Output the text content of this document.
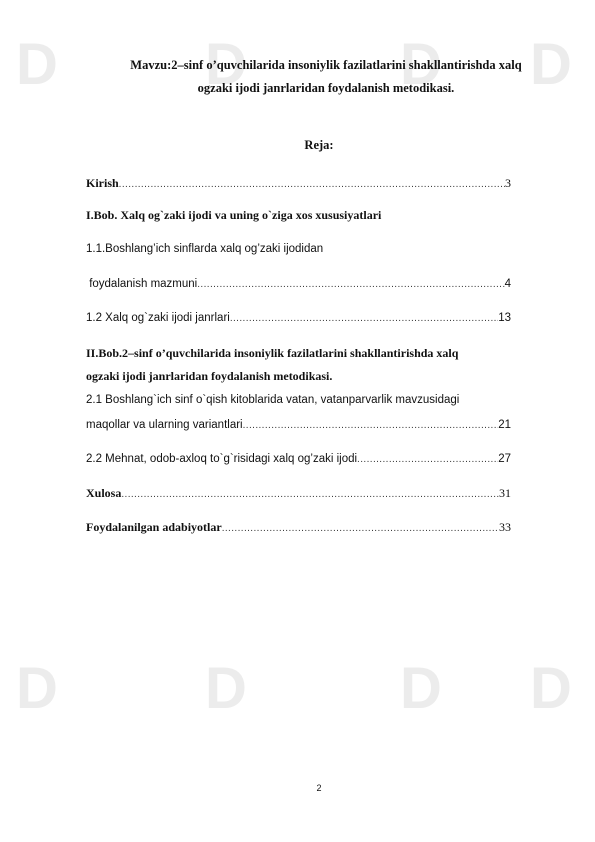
D	D	D D
D	D	D D
Mavzu:2–sinf o’quvchilarida insoniylik fazilatlarini shakllantirishda xalq
ogzaki ijodi janrlaridan foydalanish metodikasi.
Reja:
Kirish .....	3
I.Bob. Xalq og`zaki ijodi va uning o`ziga xos xususiyatlari
1.1.Boshlang’ich sinflarda xalq og’zaki ijodidan
foydalanish mazmuni .....	4
1.2 Xalq og`zaki ijodi janrlari .....	13
II.Bob.2–sinf o’quvchilarida insoniylik fazilatlarini shakllantirishda xalq
ogzaki ijodi janrlaridan foydalanish metodikasi.
2.1 Boshlang`ich sinf o`qish kitoblarida vatan, vatanparvarlik mavzusidagi
maqollar va ularning variantlari .....	21
2.2 Mehnat, odob-axloq to`g`risidagi xalq og’zaki ijodi .....	27
Xulosa .....	31
Foydalanilgan adabiyotlar .....	33
2
